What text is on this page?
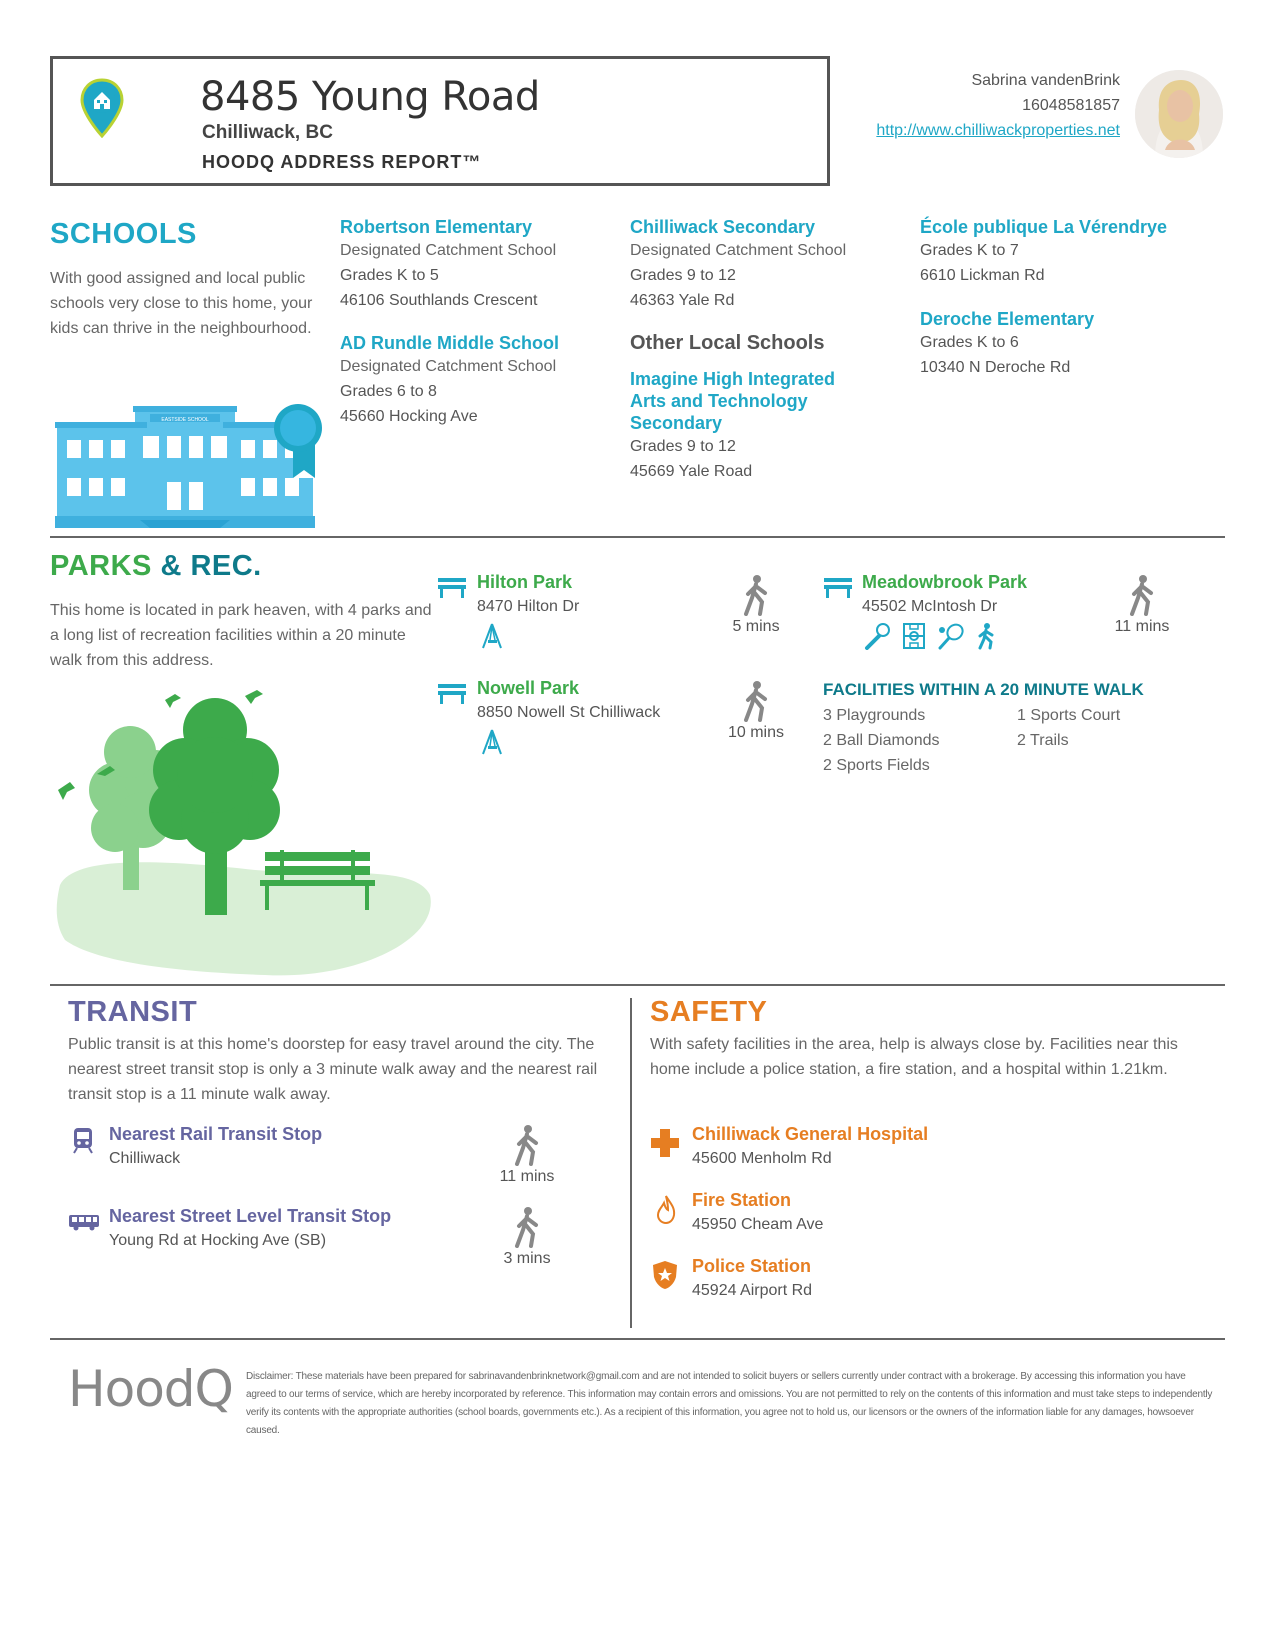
8485 Young Road
Chilliwack, BC
HOODQ ADDRESS REPORT™
Sabrina vandenBrink
16048581857
http://www.chilliwackproperties.net
SCHOOLS
With good assigned and local public schools very close to this home, your kids can thrive in the neighbourhood.
EASTSIDE SCHOOL
Robertson Elementary
Designated Catchment School
Grades K to 5
46106 Southlands Crescent
AD Rundle Middle School
Designated Catchment School
Grades 6 to 8
45660 Hocking Ave
Chilliwack Secondary
Designated Catchment School
Grades 9 to 12
46363 Yale Rd
Other Local Schools
Imagine High Integrated Arts and Technology Secondary
Grades 9 to 12
45669 Yale Road
École publique La Vérendrye
Grades K to 7
6610 Lickman Rd
Deroche Elementary
Grades K to 6
10340 N Deroche Rd
PARKS & REC.
This home is located in park heaven, with 4 parks and a long list of recreation facilities within a 20 minute walk from this address.
Hilton Park
8470 Hilton Dr
5 mins
Nowell Park
8850 Nowell St Chilliwack
10 mins
Meadowbrook Park
45502 McIntosh Dr
11 mins
FACILITIES WITHIN A 20 MINUTE WALK
3 Playgrounds
2 Ball Diamonds
2 Sports Fields
1 Sports Court
2 Trails
TRANSIT
Public transit is at this home's doorstep for easy travel around the city. The nearest street transit stop is only a 3 minute walk away and the nearest rail transit stop is a 11 minute walk away.
Nearest Rail Transit Stop
Chilliwack
11 mins
Nearest Street Level Transit Stop
Young Rd at Hocking Ave (SB)
3 mins
SAFETY
With safety facilities in the area, help is always close by. Facilities near this home include a police station, a fire station, and a hospital within 1.21km.
Chilliwack General Hospital
45600 Menholm Rd
Fire Station
45950 Cheam Ave
Police Station
45924 Airport Rd
HoodQ Disclaimer: These materials have been prepared for sabrinavandenbrinknetwork@gmail.com and are not intended to solicit buyers or sellers currently under contract with a brokerage. By accessing this information you have agreed to our terms of service, which are hereby incorporated by reference. This information may contain errors and omissions. You are not permitted to rely on the contents of this information and must take steps to independently verify its contents with the appropriate authorities (school boards, governments etc.). As a recipient of this information, you agree not to hold us, our licensors or the owners of the information liable for any damages, howsoever caused.
